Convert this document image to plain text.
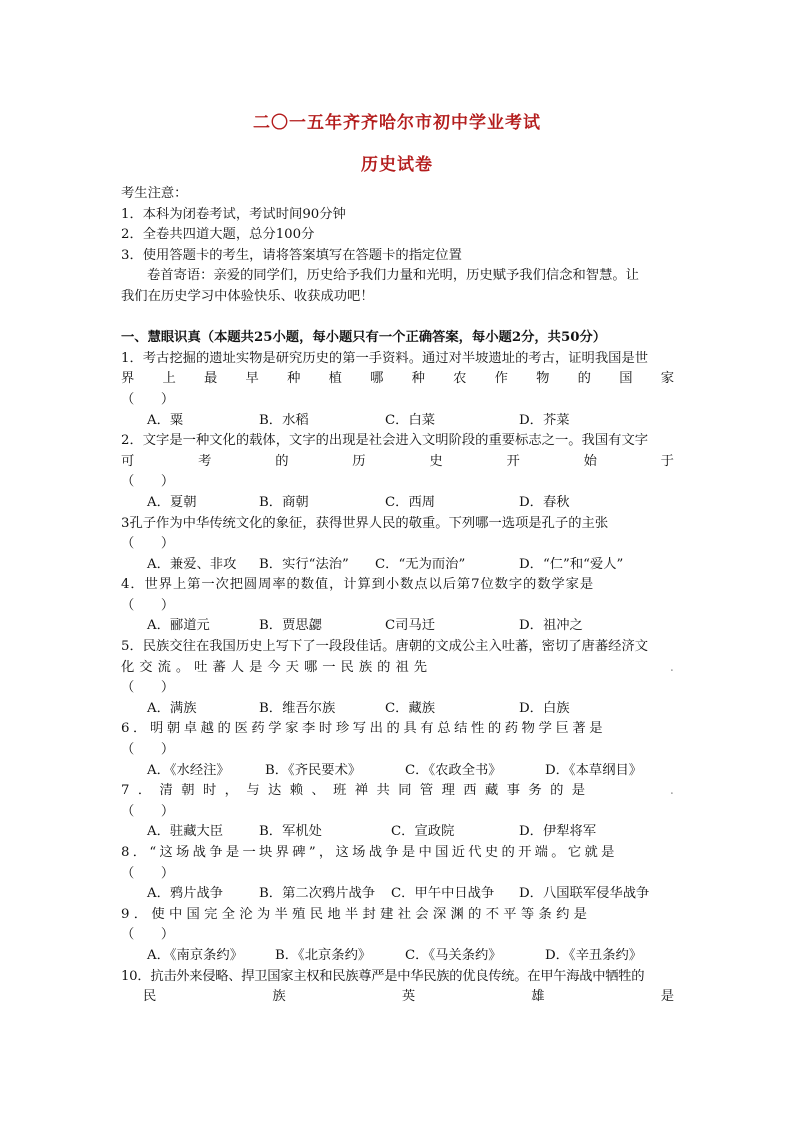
二〇一五年齐齐哈尔市初中学业考试
历史试卷
考生注意：
1．本科为闭卷考试，考试时间90分钟
2．全卷共四道大题，总分100分
3．使用答题卡的考生，请将答案填写在答题卡的指定位置
卷首寄语：亲爱的同学们，历史给予我们力量和光明，历史赋予我们信念和智慧。让
我们在历史学习中体验快乐、收获成功吧！
一、慧眼识真（本题共25小题，每小题只有一个正确答案，每小题2分，共50分）
1．考古挖掘的遗址实物是研究历史的第一手资料。通过对半坡遗址的考古，证明我国是世
界 上 最 早 种 植 哪 种 农 作 物 的 国 家
（　　）
A．粟	B．水稻	C．白菜	D．芥菜
2．文字是一种文化的载体，文字的出现是社会进入文明阶段的重要标志之一。我国有文字
可	考	的	历	史	开	始	于
（　　）
A．夏朝	B．商朝	C．西周	D．春秋
3孔子作为中华传统文化的象征，获得世界人民的敬重。下列哪一选项是孔子的主张
（　　）
A．兼爱、非攻 B．实行“法治” C．“无为而治”	D．“仁”和“爱人”
4．世界上第一次把圆周率的数值，计算到小数点以后第7位数字的数学家是
（　　）
A．郦道元	B．贾思勰	C司马迁	D．祖冲之
5．民族交往在我国历史上写下了一段段佳话。唐朝的文成公主入吐蕃，密切了唐蕃经济文
化交流。吐蕃人是今天哪一民族的祖先	.
（　　）
A．满族	B．维吾尔族	C．藏族	D．白族
6．明朝卓越的医药学家李时珍写出的具有总结性的药物学巨著是
（　　）
A．《水经注》	B．《齐民要术》	C．《农政全书》	D．《本草纲目》
7．清朝时，与达赖、班禅共同管理西藏事务的是	.
（　　）
A．驻藏大臣	B．军机处	C．宣政院	D．伊犁将军
8．“这场战争是一块界碑”，这场战争是中国近代史的开端。它就是
（　　）
A．鸦片战争	B．第二次鸦片战争 C．甲午中日战争 D．八国联军侵华战争
9．使中国完全沦为半殖民地半封建社会深渊的不平等条约是
（　　）
A．《南京条约》 B．《北京条约》	C．《马关条约》	D．《辛丑条约》
10．抗击外来侵略、捍卫国家主权和民族尊严是中华民族的优良传统。在甲午海战中牺牲的
民	族	英	雄	是
